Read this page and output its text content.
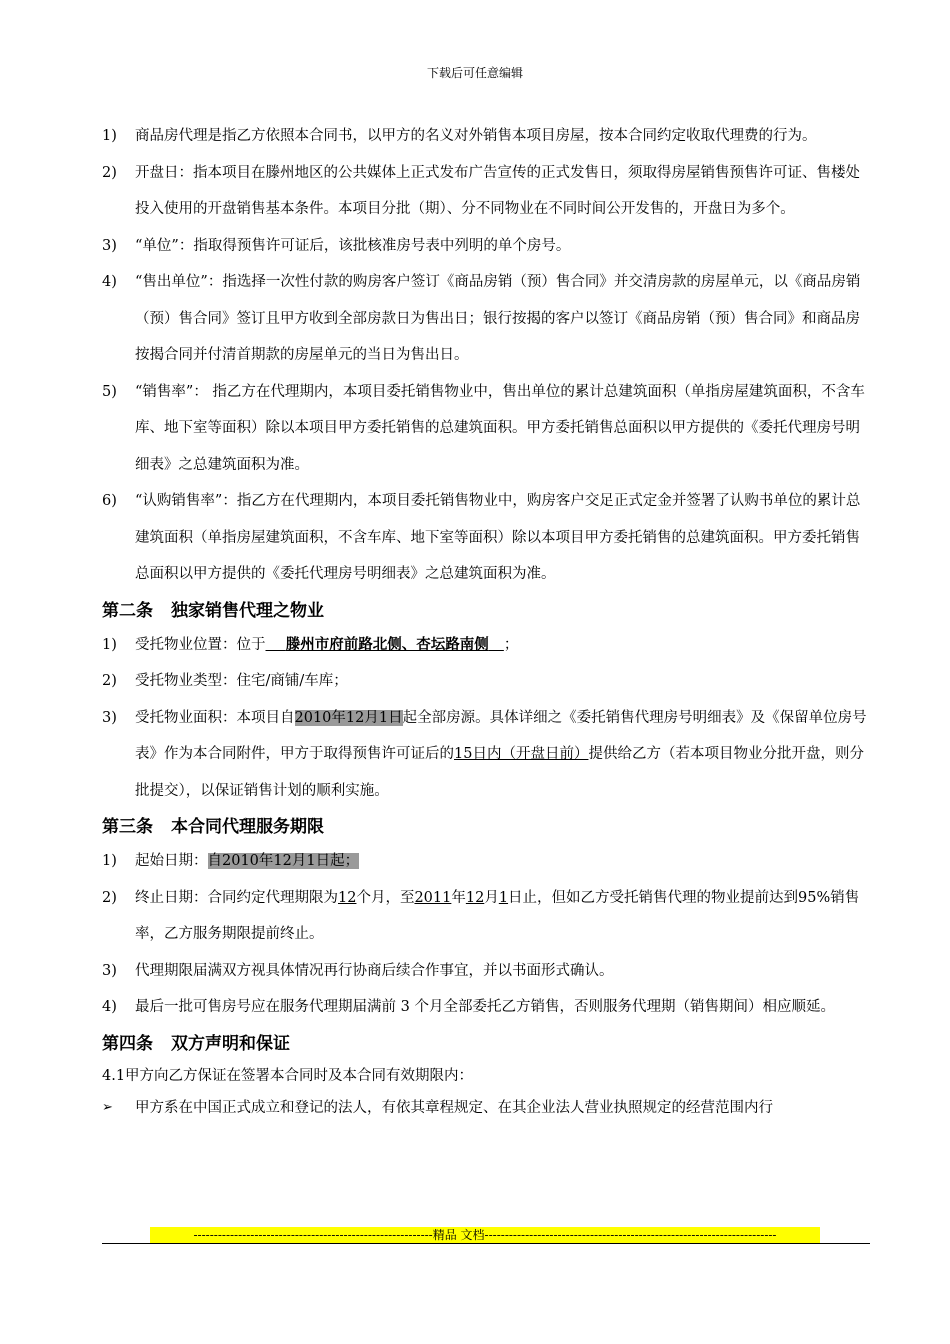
下载后可任意编辑
1)	商品房代理是指乙方依照本合同书，以甲方的名义对外销售本项目房屋，按本合同约定收取代理费的行为。
2)	开盘日：指本项目在滕州地区的公共媒体上正式发布广告宣传的正式发售日，须取得房屋销售预售许可证、售楼处投入使用的开盘销售基本条件。本项目分批（期）、分不同物业在不同时间公开发售的，开盘日为多个。
3)	“单位”：指取得预售许可证后，该批核准房号表中列明的单个房号。
4)	“售出单位”：指选择一次性付款的购房客户签订《商品房销（预）售合同》并交清房款的房屋单元，以《商品房销（预）售合同》签订且甲方收到全部房款日为售出日；银行按揭的客户以签订《商品房销（预）售合同》和商品房按揭合同并付清首期款的房屋单元的当日为售出日。
5)	“销售率”： 指乙方在代理期内，本项目委托销售物业中，售出单位的累计总建筑面积（单指房屋建筑面积，不含车库、地下室等面积）除以本项目甲方委托销售的总建筑面积。甲方委托销售总面积以甲方提供的《委托代理房号明细表》之总建筑面积为准。
6)	“认购销售率”：指乙方在代理期内，本项目委托销售物业中，购房客户交足正式定金并签署了认购书单位的累计总建筑面积（单指房屋建筑面积，不含车库、地下室等面积）除以本项目甲方委托销售的总建筑面积。甲方委托销售总面积以甲方提供的《委托代理房号明细表》之总建筑面积为准。
第二条 独家销售代理之物业
1)	受托物业位置：位于 滕州市府前路北侧、杏坛路南侧 ；
2)	受托物业类型：住宅/商铺/车库；
3)	受托物业面积：本项目自2010年12月1日起全部房源。具体详细之《委托销售代理房号明细表》及《保留单位房号表》作为本合同附件，甲方于取得预售许可证后的15日内（开盘日前）提供给乙方（若本项目物业分批开盘，则分批提交），以保证销售计划的顺利实施。
第三条 本合同代理服务期限
1)	起始日期：自2010年12月1日起；
2)	终止日期：合同约定代理期限为12个月，至2011年12月1日止，但如乙方受托销售代理的物业提前达到95%销售率，乙方服务期限提前终止。
3)	代理期限届满双方视具体情况再行协商后续合作事宜，并以书面形式确认。
4)	最后一批可售房号应在服务代理期届满前 3 个月全部委托乙方销售，否则服务代理期（销售期间）相应顺延。
第四条 双方声明和保证
4.1甲方向乙方保证在签署本合同时及本合同有效期限内：
➢ 甲方系在中国正式成立和登记的法人，有依其章程规定、在其企业法人营业执照规定的经营范围内行
-----------------------------------------------------------精品 文档------------------------------------------------------------------------
